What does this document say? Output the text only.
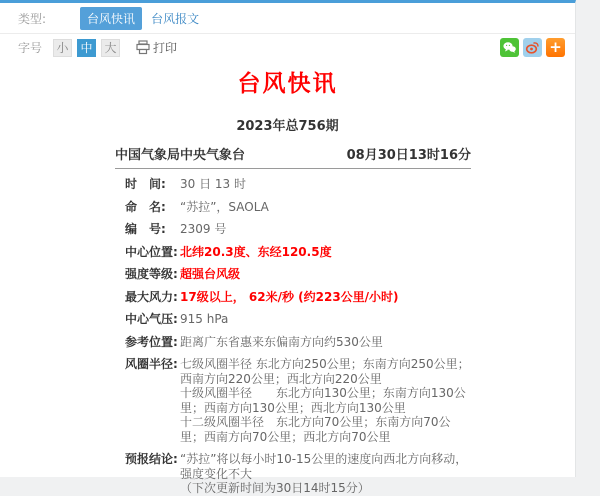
类型:	台风快讯	台风报文
字号 小 中 大	打印	+
台风快讯
2023年总756期
中国气象局中央气象台	08月30日13时16分
时　间:	30 日 13 时
命　名:	“苏拉”，SAOLA
编　号:	2309 号
中心位置: 北纬20.3度、东经120.5度
强度等级: 超强台风级
最大风力: 17级以上， 62米/秒 (约223公里/小时)
中心气压: 915 hPa
参考位置: 距离广东省惠来东偏南方向约530公里
风圈半径: 七级风圈半径 东北方向250公里；东南方向250公里；西南方向220公里；西北方向220公里
十级风圈半径　　东北方向130公里；东南方向130公里；西南方向130公里；西北方向130公里
十二级风圈半径　东北方向70公里；东南方向70公里；西南方向70公里；西北方向70公里
预报结论: “苏拉”将以每小时10-15公里的速度向西北方向移动，强度变化不大
（下次更新时间为30日14时15分）
